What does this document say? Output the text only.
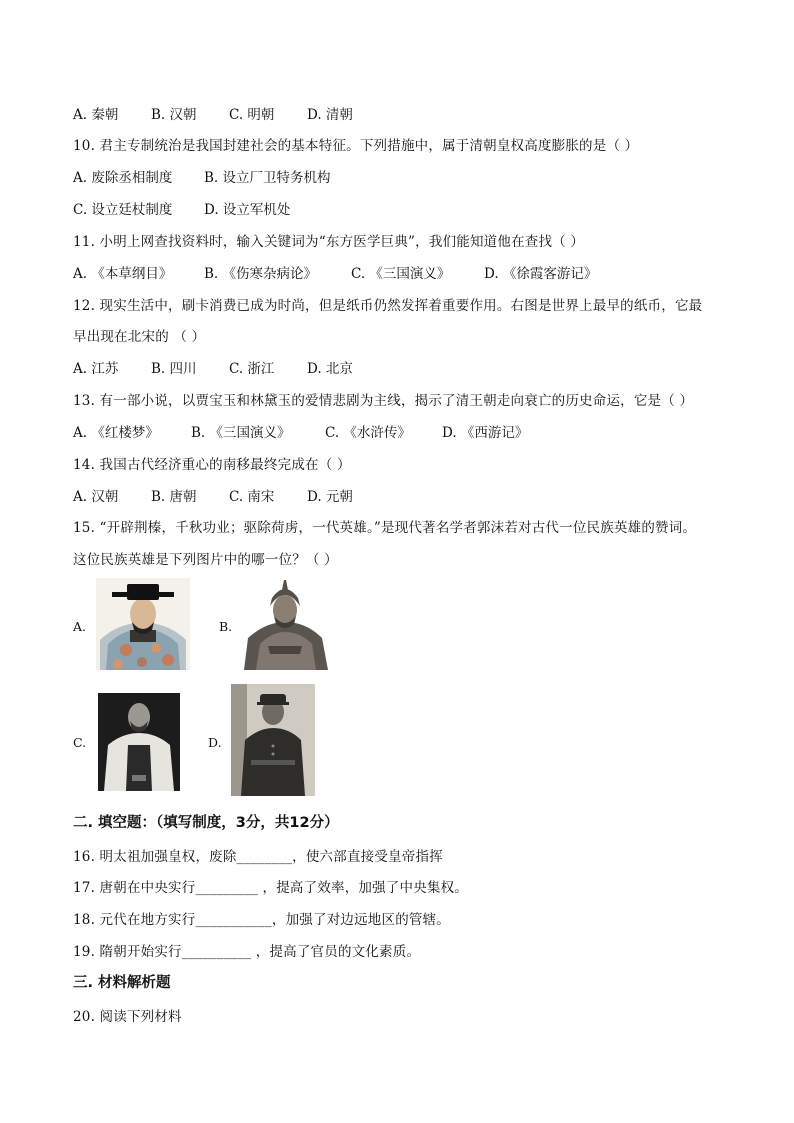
A. 秦朝	B. 汉朝	C. 明朝	D. 清朝
10. 君主专制统治是我国封建社会的基本特征。下列措施中，属于清朝皇权高度膨胀的是（ ）
A. 废除丞相制度	B. 设立厂卫特务机构
C. 设立廷杖制度	D. 设立军机处
11. 小明上网查找资料时，输入关键词为“东方医学巨典”，我们能知道他在查找（ ）
A. 《本草纲目》	B. 《伤寒杂病论》	C. 《三国演义》	D. 《徐霞客游记》
12. 现实生活中，刷卡消费已成为时尚，但是纸币仍然发挥着重要作用。右图是世界上最早的纸币，它最
早出现在北宋的 （ ）
A. 江苏	B. 四川	C. 浙江	D. 北京
13. 有一部小说，以贾宝玉和林黛玉的爱情悲剧为主线，揭示了清王朝走向衰亡的历史命运，它是（ ）
A. 《红楼梦》	B. 《三国演义》	C. 《水浒传》	D. 《西游记》
14. 我国古代经济重心的南移最终完成在（ ）
A. 汉朝	B. 唐朝	C. 南宋	D. 元朝
15. “开辟荆榛，千秋功业；驱除荷虏，一代英雄。”是现代著名学者郭沫若对古代一位民族英雄的赞词。
这位民族英雄是下列图片中的哪一位？（ ）
A.	B.
C.	D.
二. 填空题：（填写制度，3分，共12分）
16. 明太祖加强皇权，废除________，使六部直接受皇帝指挥
17. 唐朝在中央实行_________ ，提高了效率，加强了中央集权。
18. 元代在地方实行___________，加强了对边远地区的管辖。
19. 隋朝开始实行__________ ，提高了官员的文化素质。
三. 材料解析题
20. 阅读下列材料
